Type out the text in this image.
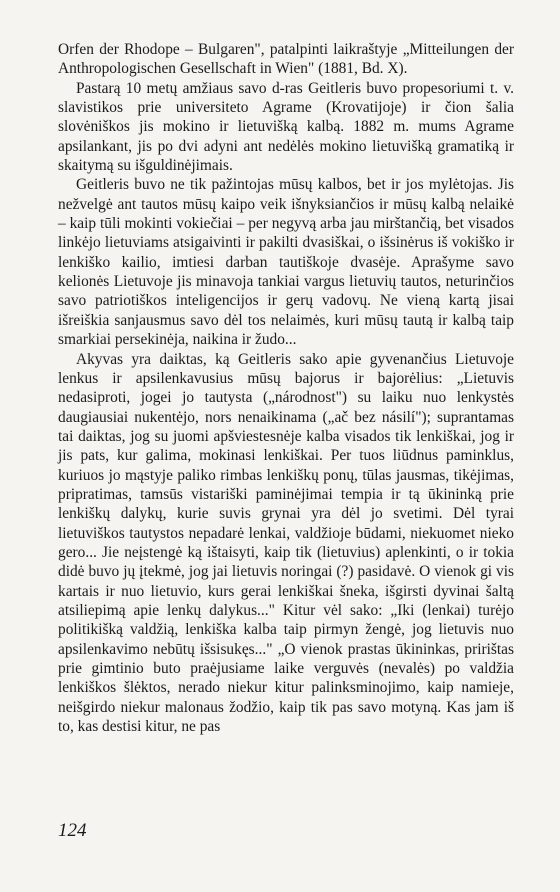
Orfen der Rhodope – Bulgaren", patalpinti laikraštyje „Mitteilungen der Anthropologischen Gesellschaft in Wien" (1881, Bd. X).

Pastarą 10 metų amžiaus savo d-ras Geitleris buvo propesoriumi t. v. slavistikos prie universiteto Agrame (Krovatijoje) ir čion šalia slovėniškos jis mokino ir lietuvišką kalbą. 1882 m. mums Agrame apsilankant, jis po dvi adyni ant nedėlės mokino lietuvišką gramatiką ir skaitymą su išguldinėjimais.

Geitleris buvo ne tik pažintojas mūsų kalbos, bet ir jos mylėtojas. Jis nežvelgė ant tautos mūsų kaipo veik išnyksiančios ir mūsų kalbą nelaikė – kaip tūli mokinti vokiečiai – per negyvą arba jau mirštančią, bet visados linkėjo lietuviams atsigaivinti ir pakilti dvasiškai, o išsinėrus iš vokiško ir lenkiško kailio, imtiesi darban tautiškoje dvasėje. Aprašyme savo kelionės Lietuvoje jis minavoja tankiai vargus lietuvių tautos, neturinčios savo patriotiškos inteligencijos ir gerų vadovų. Ne vieną kartą jisai išreiškia sanjausmus savo dėl tos nelaimės, kuri mūsų tautą ir kalbą taip smarkiai persekinėja, naikina ir žudo...

Akyvas yra daiktas, ką Geitleris sako apie gyvenančius Lietuvoje lenkus ir apsilenkavusius mūsų bajorus ir bajorėlius: „Lietuvis nedasiproti, jogei jo tautysta („národnost") su laiku nuo lenkystės daugiausiai nukentėjo, nors nenaikinama („ač bez násilí"); suprantamas tai daiktas, jog su juomi apšviestesnėje kalba visados tik lenkiškai, jog ir jis pats, kur galima, mokinasi lenkiškai. Per tuos liūdnus paminklus, kuriuos jo mąstyje paliko rimbas lenkiškų ponų, tūlas jausmas, tikėjimas, pripratimas, tamsūs vistariški paminėjimai tempia ir tą ūkininką prie lenkiškų dalykų, kurie suvis grynai yra dėl jo svetimi. Dėl tyrai lietuviškos tautystos nepadarė lenkai, valdžioje būdami, niekuomet nieko gero... Jie neįstengė ką ištaisyti, kaip tik (lietuvius) aplenkinti, o ir tokia didė buvo jų įtekmė, jog jai lietuvis noringai (?) pasidavė. O vienok gi vis kartais ir nuo lietuvio, kurs gerai lenkiškai šneka, išgirsti dyvinai šaltą atsiliepimą apie lenkų dalykus..." Kitur vėl sako: „Iki (lenkai) turėjo politikišką valdžią, lenkiška kalba taip pirmyn žengė, jog lietuvis nuo apsilenkavimo nebūtų išsisukęs..." „O vienok prastas ūkininkas, pririštas prie gimtinio buto praėjusiame laike verguvės (nevalės) po valdžia lenkiškos šlėktos, nerado niekur kitur palinksminojimo, kaip namieje, neišgirdo niekur malonaus žodžio, kaip tik pas savo motyną. Kas jam iš to, kas destisi kitur, ne pas

124
